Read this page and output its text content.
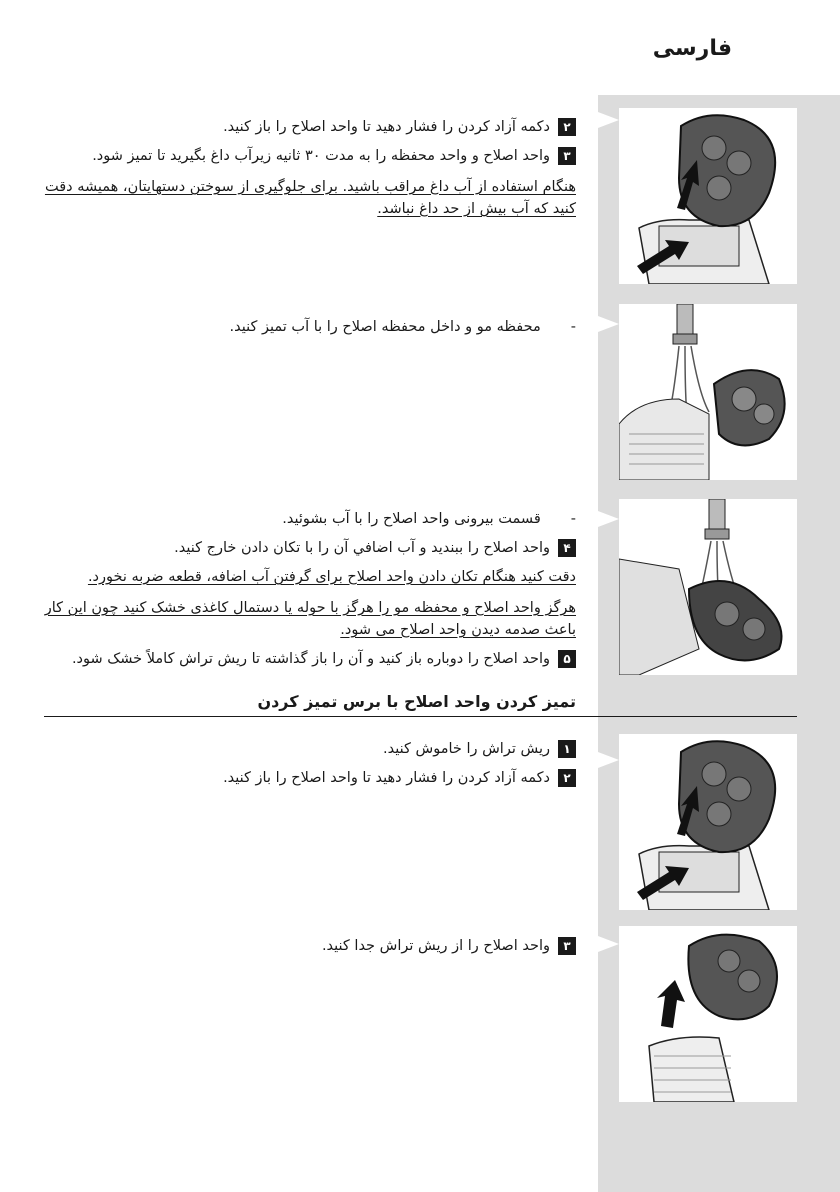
فارسی
۲دکمه آزاد کردن را فشار دهید تا واحد اصلاح را باز کنید.
۳واحد اصلاح و واحد محفظه را به مدت ۳۰ ثانیه زیرآب داغ بگیرید تا تمیز شود.
هنگام استفاده از آب داغ مراقب باشید. برای جلوگیری از سوختن دستهایتان، همیشه دقت
کنید که آب بیش از حد داغ نباشد.
-محفظه مو و داخل محفظه اصلاح را با آب تمیز کنید.
-قسمت بیرونی واحد اصلاح را با آب بشوئید.
۴واحد اصلاح را ببندید و آب اضافي آن را با تکان دادن خارج کنید.
دقت کنید هنگام تکان دادن واحد اصلاح برای گرفتن آب اضافه، قطعه ضربه نخورد.
هرگز واحد اصلاح و محفظه مو را هرگز با حوله یا دستمال کاغذی خشک کنید چون این کار
باعث صدمه دیدن واحد اصلاح می شود.
۵واحد اصلاح را دوباره باز کنید و آن را باز گذاشته تا ریش تراش کاملاً خشک شود.
تمیز کردن واحد اصلاح با برس تمیز کردن
۱ریش تراش را خاموش کنید.
۲دکمه آزاد کردن را فشار دهید تا واحد اصلاح را باز کنید.
۳واحد اصلاح را از ریش تراش جدا کنید.
